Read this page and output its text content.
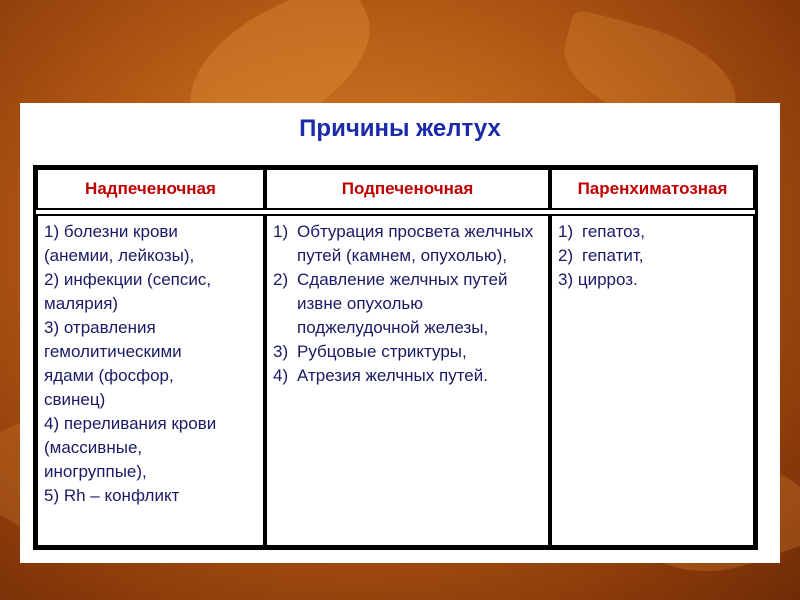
Причины желтух
Надпеченочная	Подпеченочная	Паренхиматозная
1) болезни крови
(анемии, лейкозы),
2) инфекции (сепсис,
малярия)
3) отравления
гемолитическими
ядами (фосфор,
свинец)
4) переливания крови
(массивные,
иногруппые),
5) Rh – конфликт
1) Обтурация просвета желчных путей (камнем, опухолью),
2) Сдавление желчных путей извне опухолью поджелудочной железы,
3) Рубцовые стриктуры,
4) Атрезия желчных путей.
1) гепатоз,
2) гепатит,
3) цирроз.
